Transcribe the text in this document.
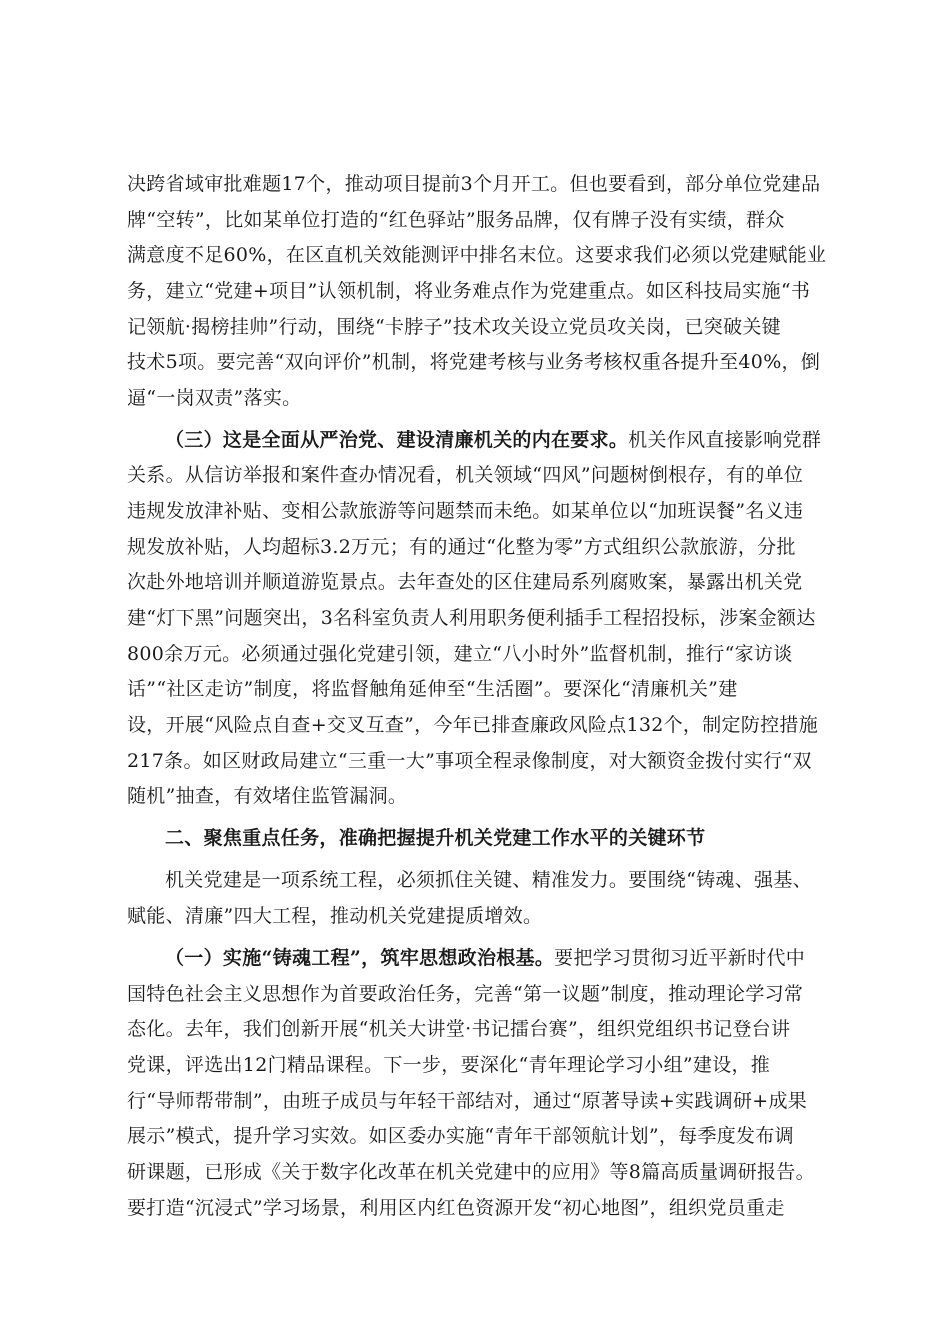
决跨省域审批难题17个，推动项目提前3个月开工。但也要看到，部分单位党建品
牌“空转”，比如某单位打造的“红色驿站”服务品牌，仅有牌子没有实绩，群众
满意度不足60%，在区直机关效能测评中排名末位。这要求我们必须以党建赋能业
务，建立“党建+项目”认领机制，将业务难点作为党建重点。如区科技局实施“书
记领航·揭榜挂帅”行动，围绕“卡脖子”技术攻关设立党员攻关岗，已突破关键
技术5项。要完善“双向评价”机制，将党建考核与业务考核权重各提升至40%，倒
逼“一岗双责”落实。
（三）这是全面从严治党、建设清廉机关的内在要求。机关作风直接影响党群
关系。从信访举报和案件查办情况看，机关领域“四风”问题树倒根存，有的单位
违规发放津补贴、变相公款旅游等问题禁而未绝。如某单位以“加班误餐”名义违
规发放补贴，人均超标3.2万元；有的通过“化整为零”方式组织公款旅游，分批
次赴外地培训并顺道游览景点。去年查处的区住建局系列腐败案，暴露出机关党
建“灯下黑”问题突出，3名科室负责人利用职务便利插手工程招投标，涉案金额达
800余万元。必须通过强化党建引领，建立“八小时外”监督机制，推行“家访谈
话”“社区走访”制度，将监督触角延伸至“生活圈”。要深化“清廉机关”建
设，开展“风险点自查+交叉互查”，今年已排查廉政风险点132个，制定防控措施
217条。如区财政局建立“三重一大”事项全程录像制度，对大额资金拨付实行“双
随机”抽查，有效堵住监管漏洞。
二、聚焦重点任务，准确把握提升机关党建工作水平的关键环节
机关党建是一项系统工程，必须抓住关键、精准发力。要围绕“铸魂、强基、
赋能、清廉”四大工程，推动机关党建提质增效。
（一）实施“铸魂工程”，筑牢思想政治根基。要把学习贯彻习近平新时代中
国特色社会主义思想作为首要政治任务，完善“第一议题”制度，推动理论学习常
态化。去年，我们创新开展“机关大讲堂·书记擂台赛”，组织党组织书记登台讲
党课，评选出12门精品课程。下一步，要深化“青年理论学习小组”建设，推
行“导师帮带制”，由班子成员与年轻干部结对，通过“原著导读+实践调研+成果
展示”模式，提升学习实效。如区委办实施“青年干部领航计划”，每季度发布调
研课题，已形成《关于数字化改革在机关党建中的应用》等8篇高质量调研报告。
要打造“沉浸式”学习场景，利用区内红色资源开发“初心地图”，组织党员重走
